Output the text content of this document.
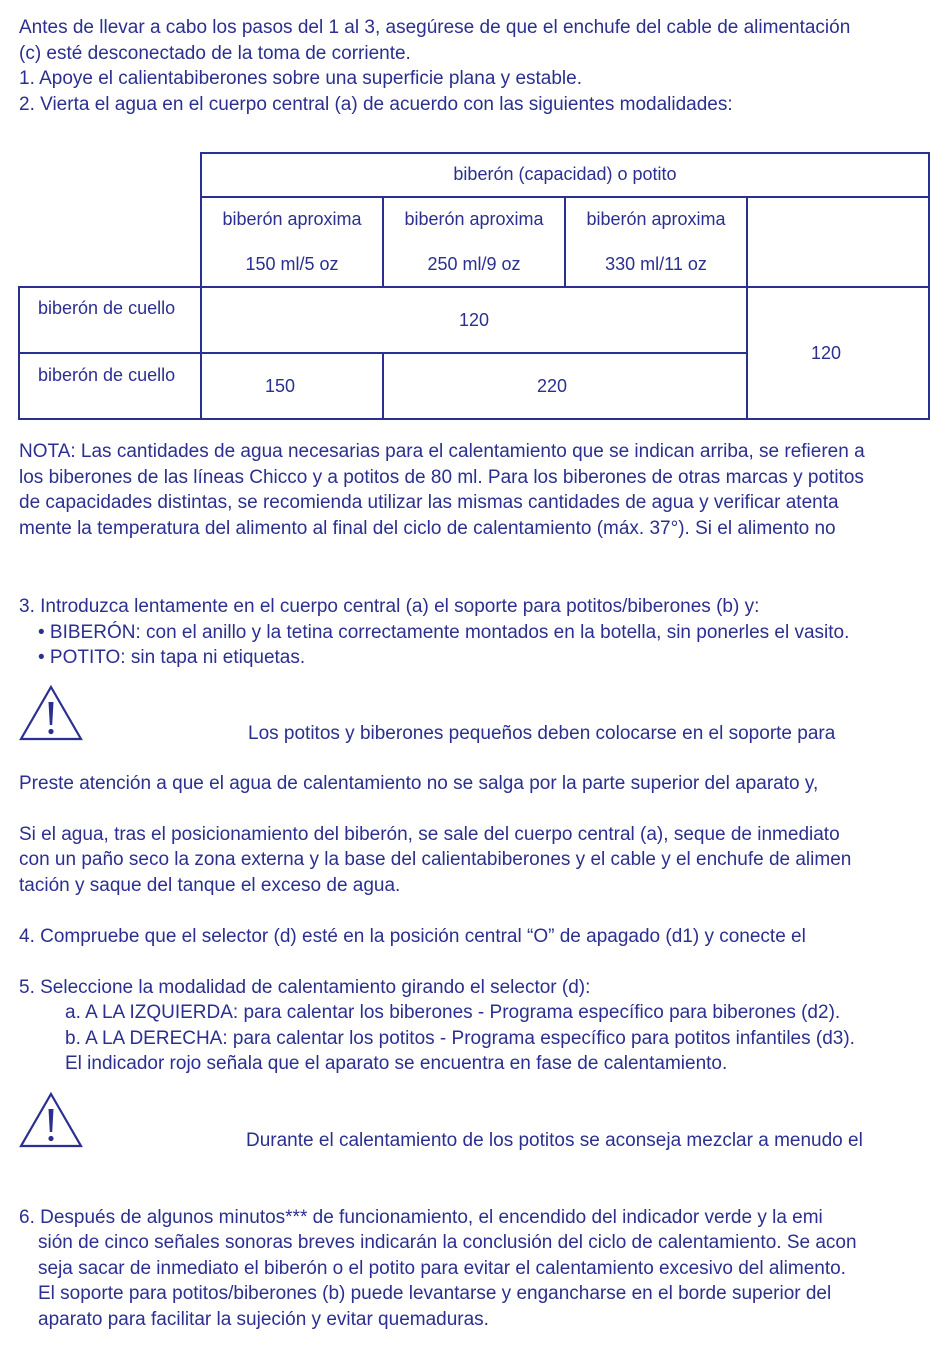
Antes de llevar a cabo los pasos del 1 al 3, asegúrese de que el enchufe del cable de alimentación
(c) esté desconectado de la toma de corriente.
1. Apoye el calientabiberones sobre una superficie plana y estable.
2. Vierta el agua en el cuerpo central (a) de acuerdo con las siguientes modalidades:
biberón (capacidad) o potito
biberón aproxima
150 ml/5 oz
biberón aproxima
250 ml/9 oz
biberón aproxima
330 ml/11 oz
biberón de cuello
120
120
biberón de cuello
150	220
NOTA: Las cantidades de agua necesarias para el calentamiento que se indican arriba, se refieren a
los biberones de las líneas Chicco y a potitos de 80 ml. Para los biberones de otras marcas y potitos
de capacidades distintas, se recomienda utilizar las mismas cantidades de agua y verificar atenta
mente la temperatura del alimento al final del ciclo de calentamiento (máx. 37°). Si el alimento no
3. Introduzca lentamente en el cuerpo central (a) el soporte para potitos/biberones (b) y:
• BIBERÓN: con el anillo y la tetina correctamente montados en la botella, sin ponerles el vasito.
• POTITO: sin tapa ni etiquetas.
Los potitos y biberones pequeños deben colocarse en el soporte para
Preste atención a que el agua de calentamiento no se salga por la parte superior del aparato y,
Si el agua, tras el posicionamiento del biberón, se sale del cuerpo central (a), seque de inmediato
con un paño seco la zona externa y la base del calientabiberones y el cable y el enchufe de alimen
tación y saque del tanque el exceso de agua.
4. Compruebe que el selector (d) esté en la posición central “O” de apagado (d1) y conecte el
5. Seleccione la modalidad de calentamiento girando el selector (d):
a. A LA IZQUIERDA: para calentar los biberones - Programa específico para biberones (d2).
b. A LA DERECHA: para calentar los potitos - Programa específico para potitos infantiles (d3).
El indicador rojo señala que el aparato se encuentra en fase de calentamiento.
Durante el calentamiento de los potitos se aconseja mezclar a menudo el
6. Después de algunos minutos*** de funcionamiento, el encendido del indicador verde y la emi
sión de cinco señales sonoras breves indicarán la conclusión del ciclo de calentamiento. Se acon
seja sacar de inmediato el biberón o el potito para evitar el calentamiento excesivo del alimento.
El soporte para potitos/biberones (b) puede levantarse y engancharse en el borde superior del
aparato para facilitar la sujeción y evitar quemaduras.
